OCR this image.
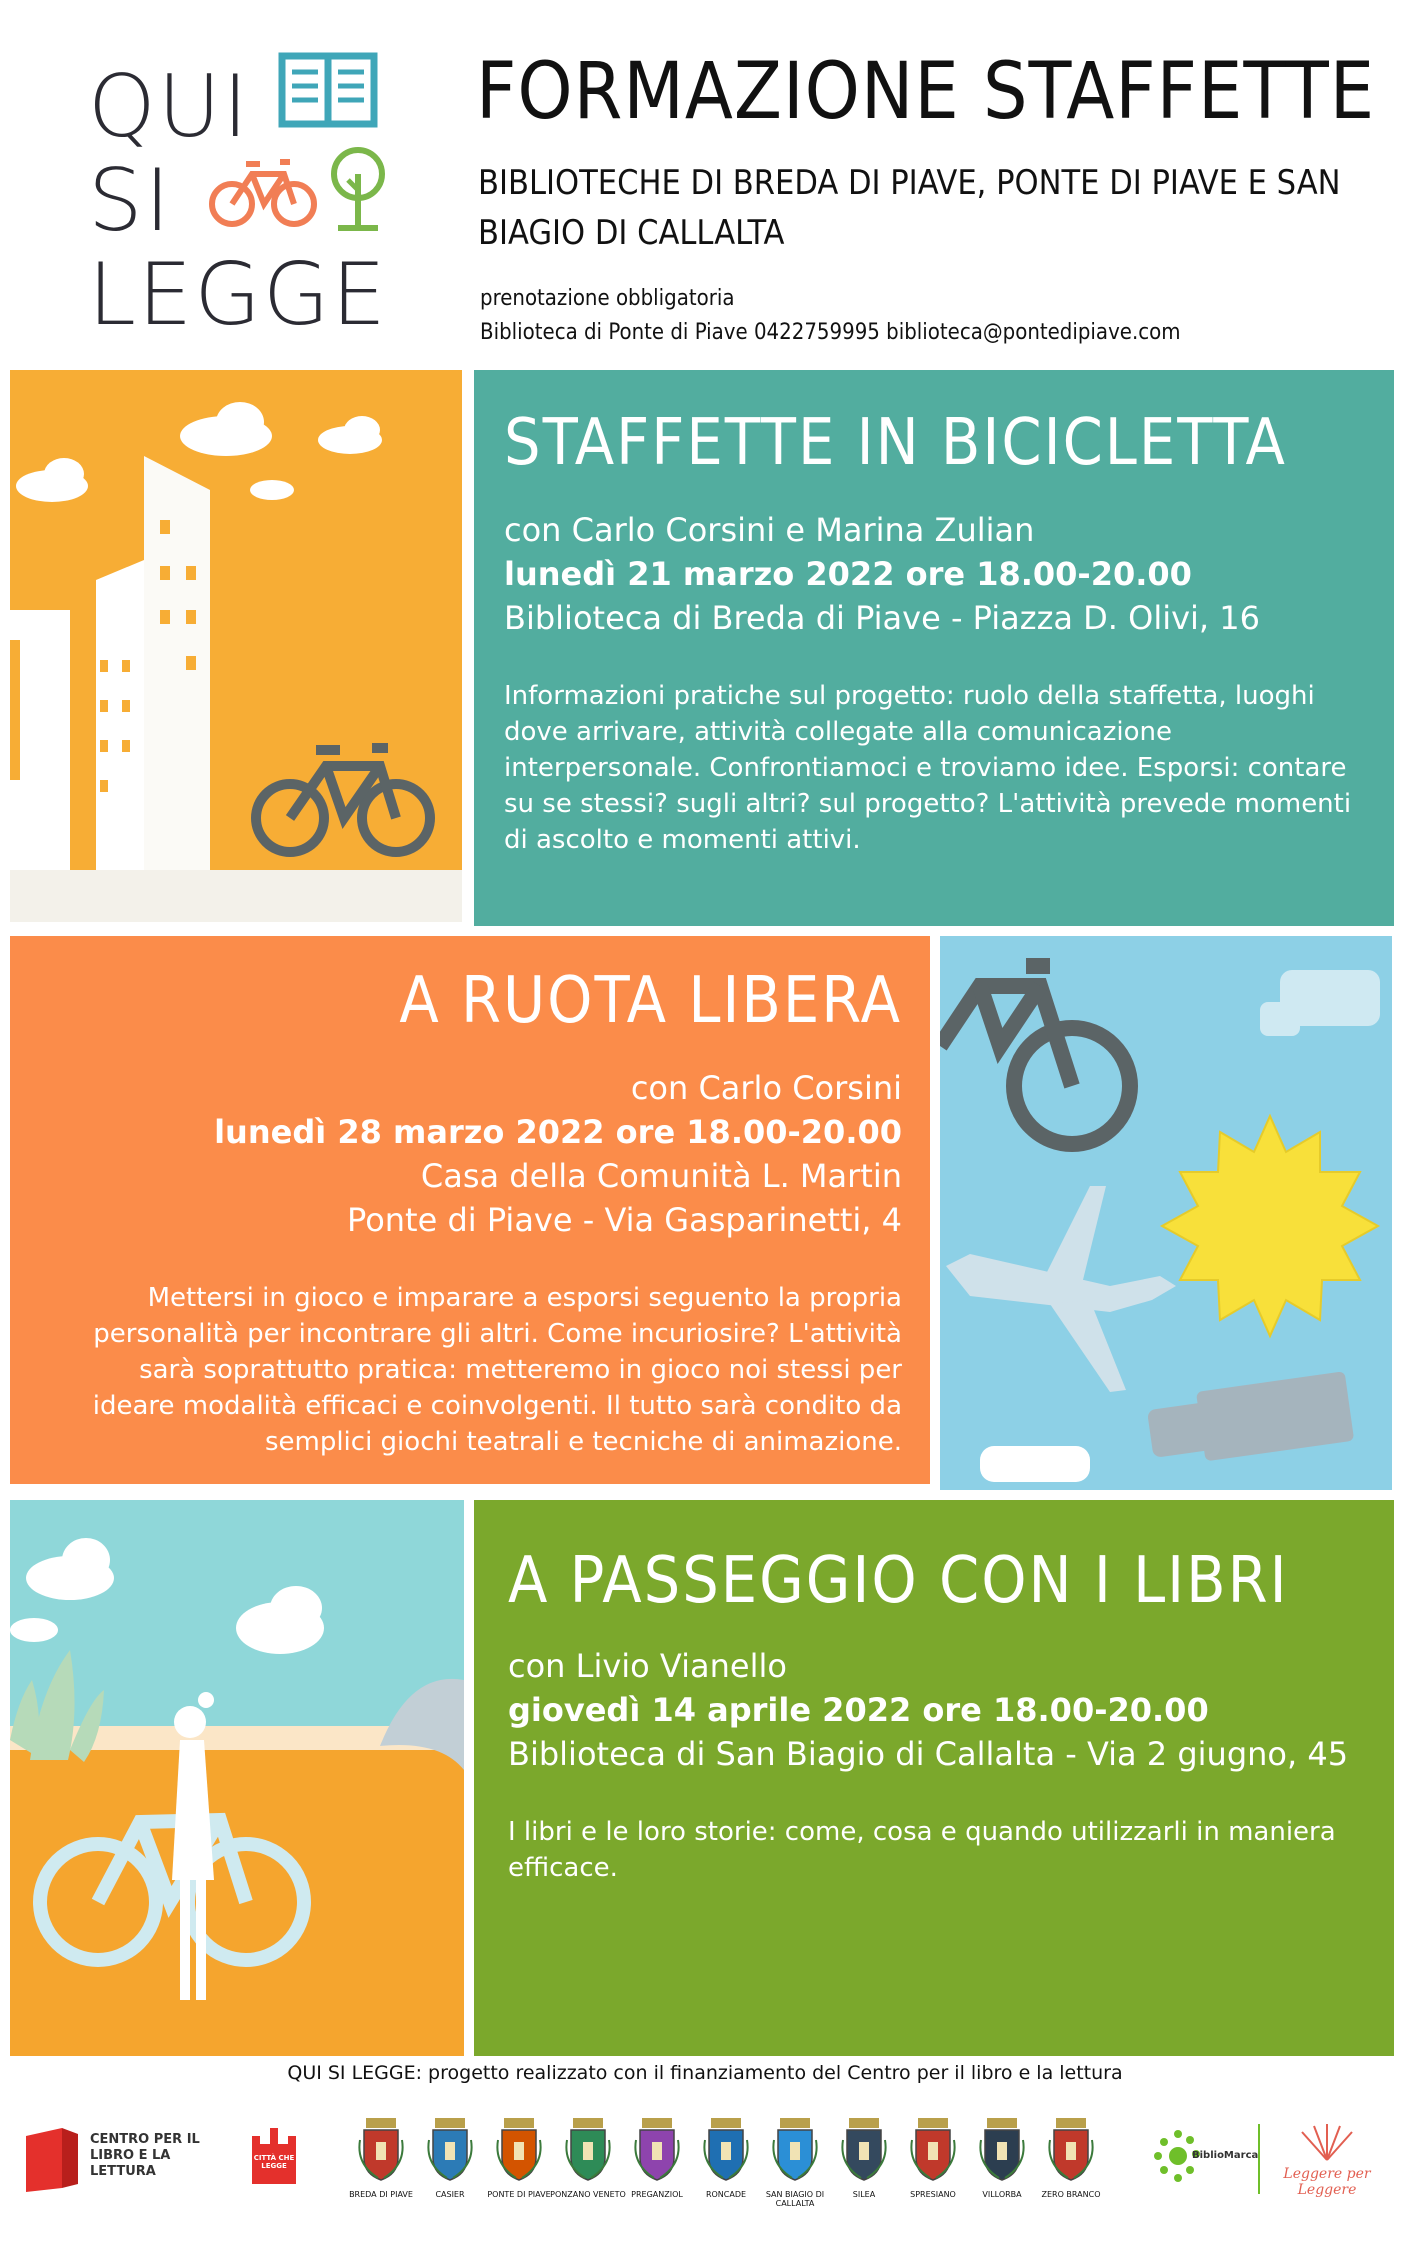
QUI
SI
LEGGE
FORMAZIONE STAFFETTE
BIBLIOTECHE DI BREDA DI PIAVE, PONTE DI PIAVE E SAN BIAGIO DI CALLALTA
prenotazione obbligatoria
Biblioteca di Ponte di Piave 0422759995 biblioteca@pontedipiave.com
STAFFETTE IN BICICLETTA
con Carlo Corsini e Marina Zulian
lunedì 21 marzo 2022 ore 18.00-20.00
Biblioteca di Breda di Piave - Piazza D. Olivi, 16
Informazioni pratiche sul progetto: ruolo della staffetta, luoghi dove arrivare, attività collegate alla comunicazione interpersonale. Confrontiamoci e troviamo idee. Esporsi: contare su se stessi? sugli altri? sul progetto? L'attività prevede momenti di ascolto e momenti attivi.
A RUOTA LIBERA
con Carlo Corsini
lunedì 28 marzo 2022 ore 18.00-20.00
Casa della Comunità L. Martin
Ponte di Piave - Via Gasparinetti, 4
Mettersi in gioco e imparare a esporsi seguento la propria personalità per incontrare gli altri. Come incuriosire? L'attività sarà soprattutto pratica: metteremo in gioco noi stessi per ideare modalità efficaci e coinvolgenti. Il tutto sarà condito da semplici giochi teatrali e tecniche di animazione.
A PASSEGGIO CON I LIBRI
con Livio Vianello
giovedì 14 aprile 2022 ore 18.00-20.00
Biblioteca di San Biagio di Callalta - Via 2 giugno, 45
I libri e le loro storie: come, cosa e quando utilizzarli in maniera efficace.
QUI SI LEGGE: progetto realizzato con il finanziamento del Centro per il libro e la lettura
CENTRO PER IL LIBRO E LA LETTURA
CITTÀ CHE LEGGE
BREDA DI PIAVE	CASIER	PONTE DI PIAVE PONZANO VENETO PREGANZIOL	RONCADE	SAN BIAGIO DI CALLALTA
SILEA	SPRESIANO	VILLORBA	ZERO BRANCO
BiblioMarca
Leggere per Leggere
